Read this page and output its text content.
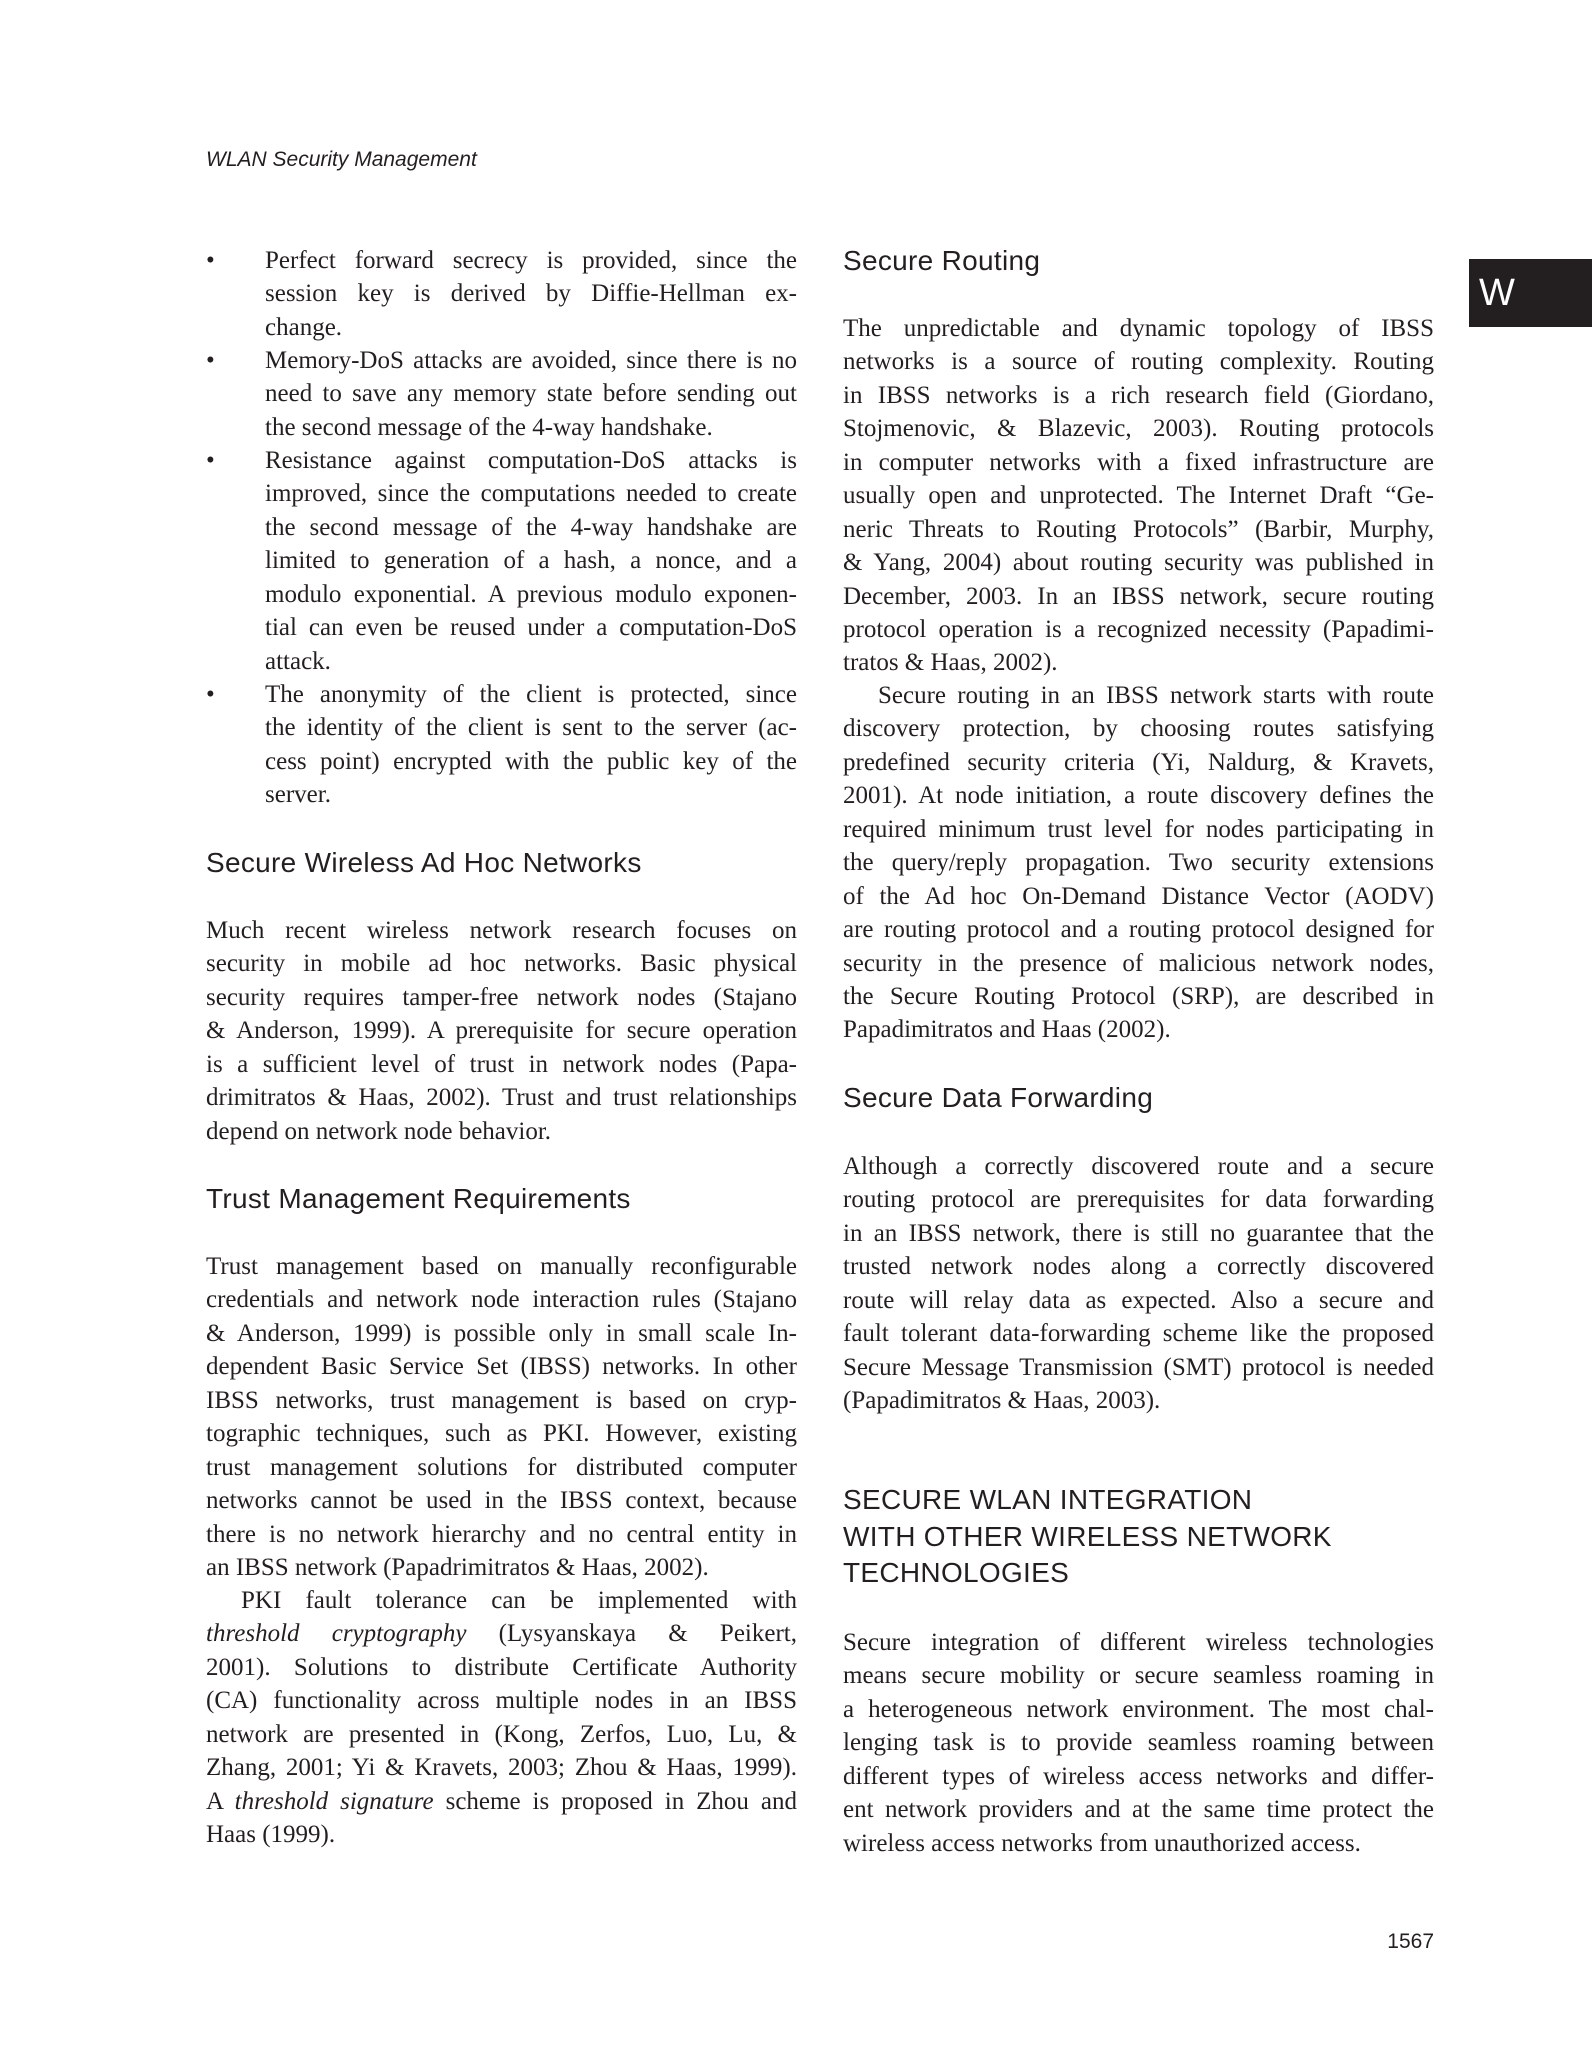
WLAN Security Management
W
•	Perfect forward secrecy is provided, since the
session key is derived by Diffie-Hellman ex-
change.
•	Memory-DoS attacks are avoided, since there is no
need to save any memory state before sending out
the second message of the 4-way handshake.
•	Resistance against computation-DoS attacks is
improved, since the computations needed to create
the second message of the 4-way handshake are
limited to generation of a hash, a nonce, and a
modulo exponential. A previous modulo exponen-
tial can even be reused under a computation-DoS
attack.
•	The anonymity of the client is protected, since
the identity of the client is sent to the server (ac-
cess point) encrypted with the public key of the
server.
Secure Wireless Ad Hoc Networks
Much recent wireless network research focuses on
security in mobile ad hoc networks. Basic physical
security requires tamper-free network nodes (Stajano
& Anderson, 1999). A prerequisite for secure operation
is a sufficient level of trust in network nodes (Papa-
drimitratos & Haas, 2002). Trust and trust relationships
depend on network node behavior.
Trust Management Requirements
Trust management based on manually reconfigurable
credentials and network node interaction rules (Stajano
& Anderson, 1999) is possible only in small scale In-
dependent Basic Service Set (IBSS) networks. In other
IBSS networks, trust management is based on cryp-
tographic techniques, such as PKI. However, existing
trust management solutions for distributed computer
networks cannot be used in the IBSS context, because
there is no network hierarchy and no central entity in
an IBSS network (Papadrimitratos & Haas, 2002).
PKI fault tolerance can be implemented with
threshold cryptography (Lysyanskaya & Peikert,
2001). Solutions to distribute Certificate Authority
(CA) functionality across multiple nodes in an IBSS
network are presented in (Kong, Zerfos, Luo, Lu, &
Zhang, 2001; Yi & Kravets, 2003; Zhou & Haas, 1999).
A threshold signature scheme is proposed in Zhou and
Haas (1999).
Secure Routing
The unpredictable and dynamic topology of IBSS
networks is a source of routing complexity. Routing
in IBSS networks is a rich research field (Giordano,
Stojmenovic, & Blazevic, 2003). Routing protocols
in computer networks with a fixed infrastructure are
usually open and unprotected. The Internet Draft “Ge-
neric Threats to Routing Protocols” (Barbir, Murphy,
& Yang, 2004) about routing security was published in
December, 2003. In an IBSS network, secure routing
protocol operation is a recognized necessity (Papadimi-
tratos & Haas, 2002).
Secure routing in an IBSS network starts with route
discovery protection, by choosing routes satisfying
predefined security criteria (Yi, Naldurg, & Kravets,
2001). At node initiation, a route discovery defines the
required minimum trust level for nodes participating in
the query/reply propagation. Two security extensions
of the Ad hoc On-Demand Distance Vector (AODV)
are routing protocol and a routing protocol designed for
security in the presence of malicious network nodes,
the Secure Routing Protocol (SRP), are described in
Papadimitratos and Haas (2002).
Secure Data Forwarding
Although a correctly discovered route and a secure
routing protocol are prerequisites for data forwarding
in an IBSS network, there is still no guarantee that the
trusted network nodes along a correctly discovered
route will relay data as expected. Also a secure and
fault tolerant data-forwarding scheme like the proposed
Secure Message Transmission (SMT) protocol is needed
(Papadimitratos & Haas, 2003).
SECURE WLAN INTEGRATION
WITH OTHER WIRELESS NETWORK
TECHNOLOGIES
Secure integration of different wireless technologies
means secure mobility or secure seamless roaming in
a heterogeneous network environment. The most chal-
lenging task is to provide seamless roaming between
different types of wireless access networks and differ-
ent network providers and at the same time protect the
wireless access networks from unauthorized access.
1567
